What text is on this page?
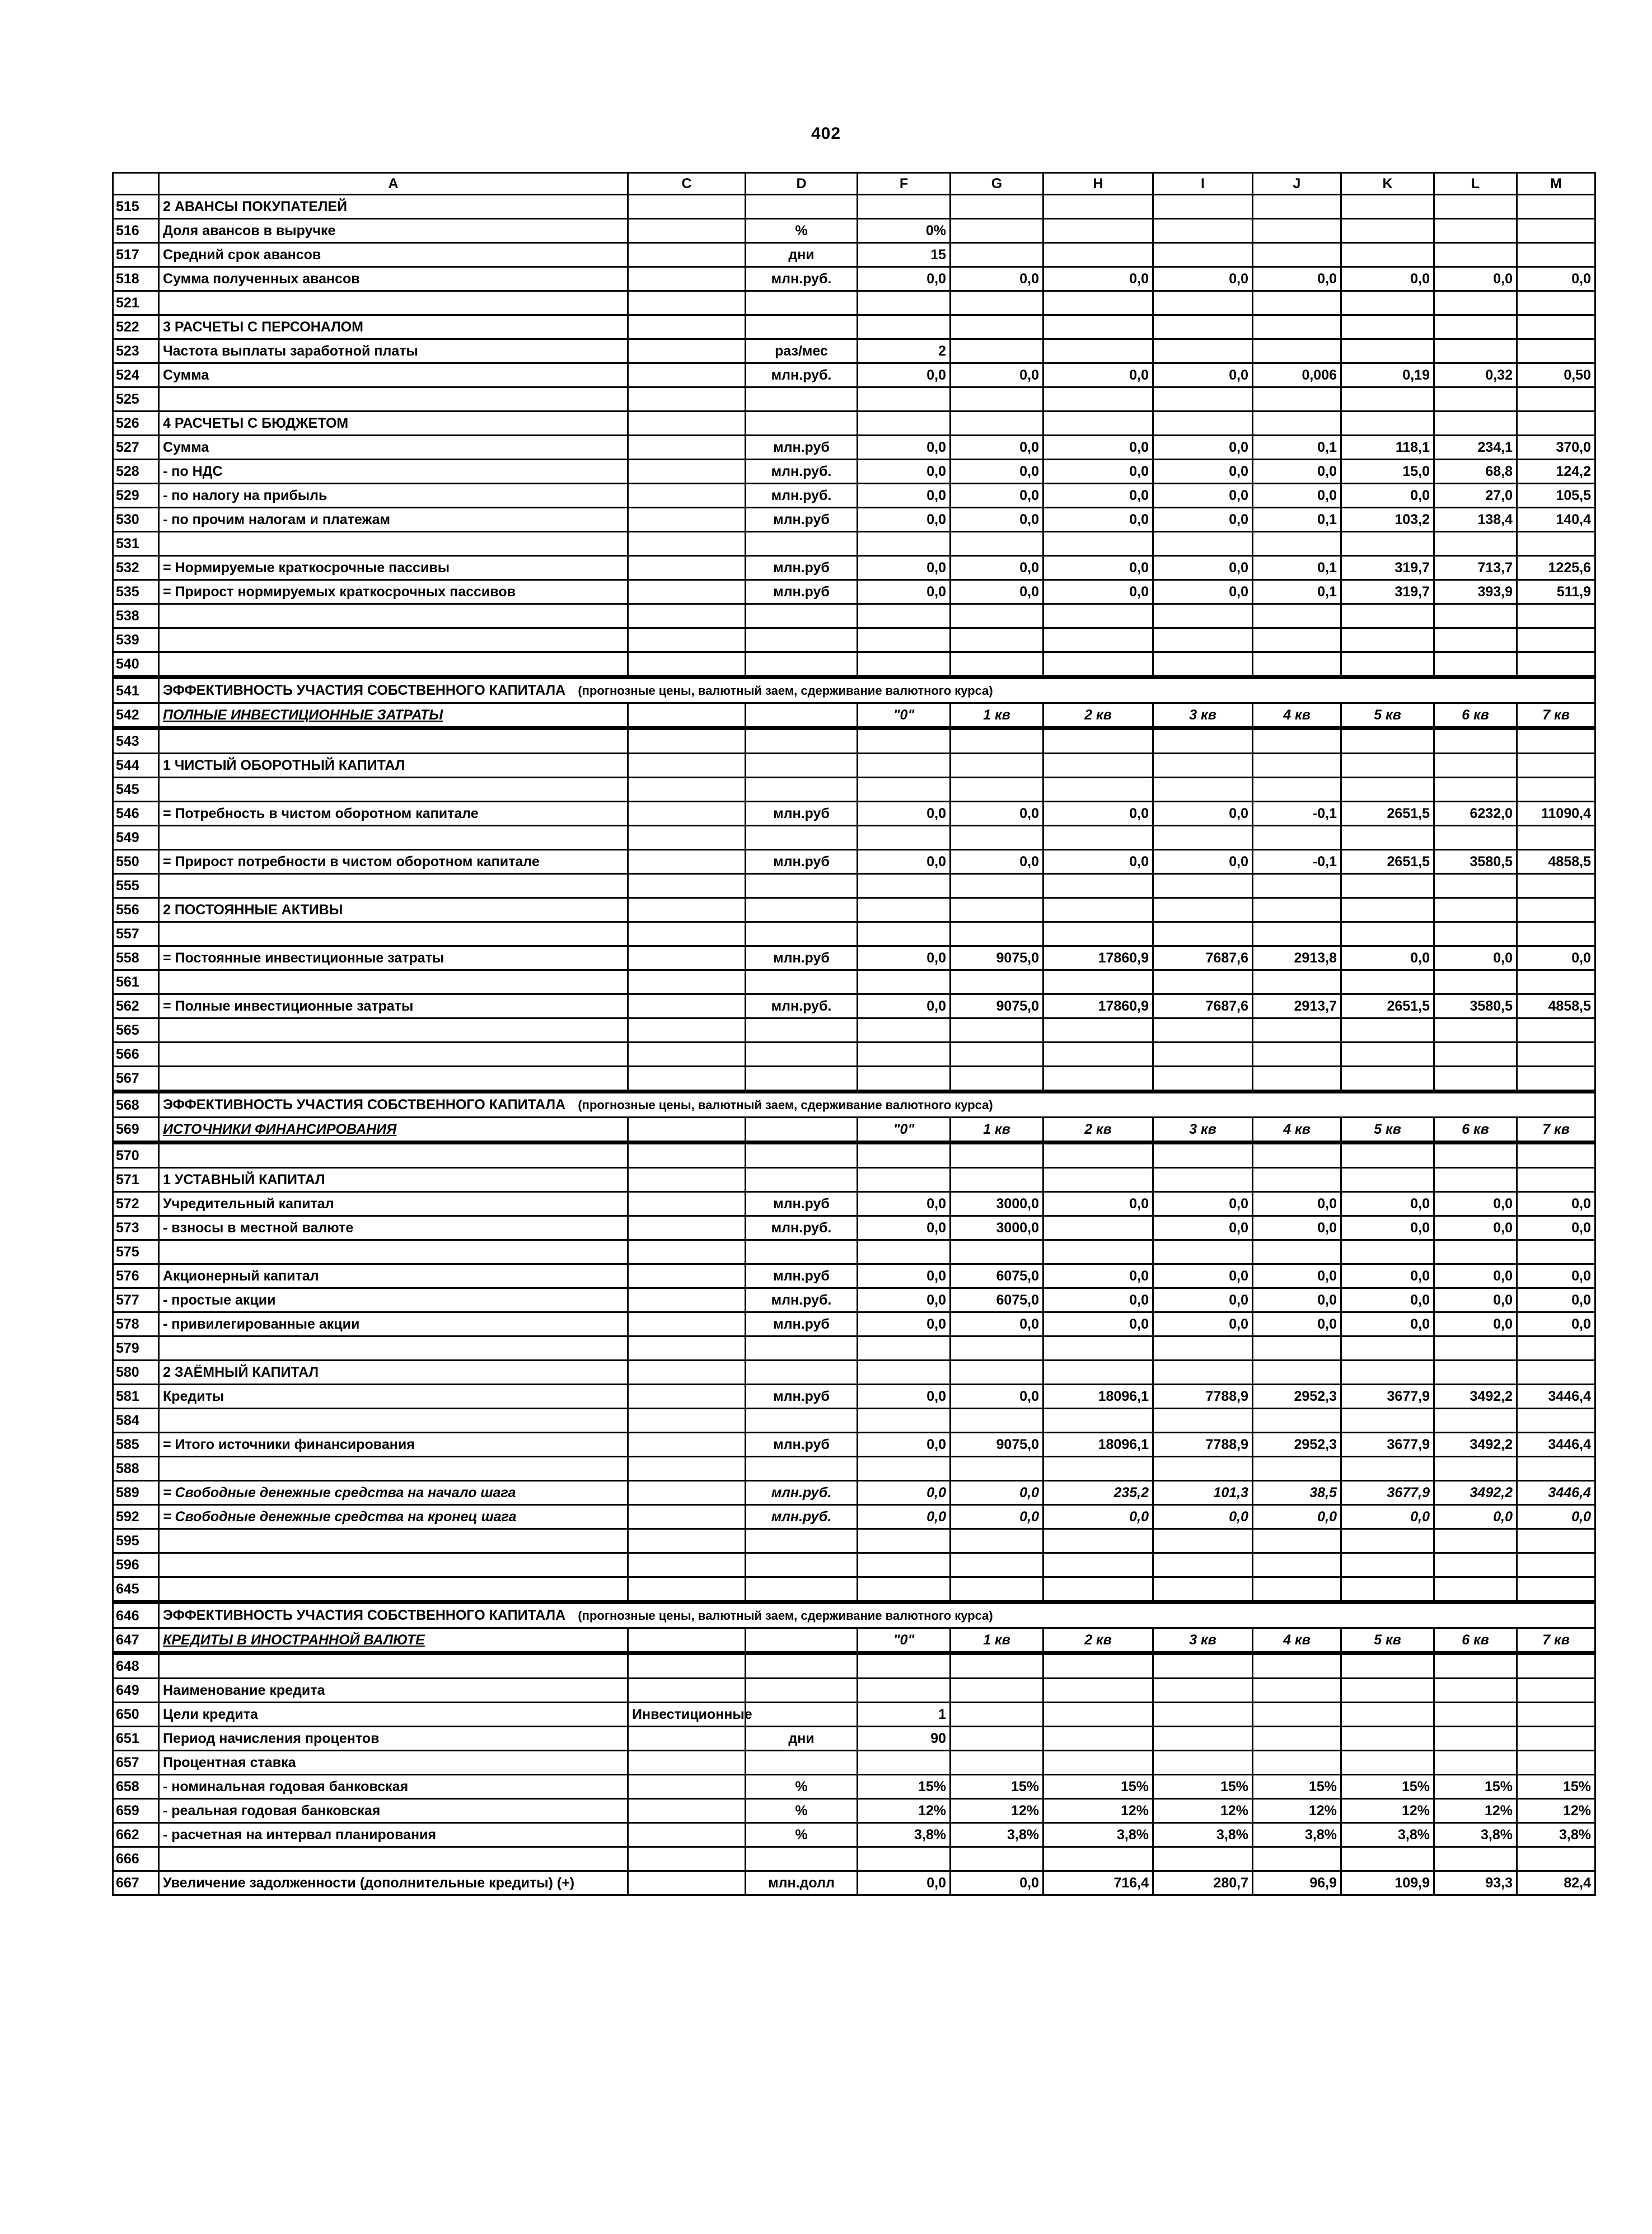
402
	A	C	D	F	G	H	I	J	K	L	M
515	2 АВАНСЫ ПОКУПАТЕЛЕЙ										
516	Доля авансов в выручке		%	0%							
517	Средний срок авансов		дни	15							
518	Сумма полученных авансов		млн.руб.	0,0	0,0	0,0	0,0	0,0	0,0	0,0	0,0
521											
522	3 РАСЧЕТЫ С ПЕРСОНАЛОМ										
523	Частота выплаты заработной платы		раз/мес	2							
524	Сумма		млн.руб.	0,0	0,0	0,0	0,0	0,006	0,19	0,32	0,50
525											
526	4 РАСЧЕТЫ С БЮДЖЕТОМ										
527	Сумма		млн.руб	0,0	0,0	0,0	0,0	0,1	118,1	234,1	370,0
528	- по НДС		млн.руб.	0,0	0,0	0,0	0,0	0,0	15,0	68,8	124,2
529	- по налогу на прибыль		млн.руб.	0,0	0,0	0,0	0,0	0,0	0,0	27,0	105,5
530	- по прочим налогам и платежам		млн.руб	0,0	0,0	0,0	0,0	0,1	103,2	138,4	140,4
531											
532	= Нормируемые краткосрочные пассивы		млн.руб	0,0	0,0	0,0	0,0	0,1	319,7	713,7	1225,6
535	= Прирост нормируемых краткосрочных пассивов		млн.руб	0,0	0,0	0,0	0,0	0,1	319,7	393,9	511,9
538											
539											
540											
541	ЭФФЕКТИВНОСТЬ УЧАСТИЯ СОБСТВЕННОГО КАПИТАЛА (прогнозные цены, валютный заем, сдерживание валютного курса)										
542	ПОЛНЫЕ ИНВЕСТИЦИОННЫЕ ЗАТРАТЫ			"0"	1 кв	2 кв	3 кв	4 кв	5 кв	6 кв	7 кв
543											
544	1 ЧИСТЫЙ ОБОРОТНЫЙ КАПИТАЛ										
545											
546	= Потребность в чистом оборотном капитале		млн.руб	0,0	0,0	0,0	0,0	-0,1	2651,5	6232,0	11090,4
549											
550	= Прирост потребности в чистом оборотном капитале		млн.руб	0,0	0,0	0,0	0,0	-0,1	2651,5	3580,5	4858,5
555											
556	2 ПОСТОЯННЫЕ АКТИВЫ										
557											
558	= Постоянные инвестиционные затраты		млн.руб	0,0	9075,0	17860,9	7687,6	2913,8	0,0	0,0	0,0
561											
562	= Полные инвестиционные затраты		млн.руб.	0,0	9075,0	17860,9	7687,6	2913,7	2651,5	3580,5	4858,5
565											
566											
567											
568	ЭФФЕКТИВНОСТЬ УЧАСТИЯ СОБСТВЕННОГО КАПИТАЛА (прогнозные цены, валютный заем, сдерживание валютного курса)										
569	ИСТОЧНИКИ ФИНАНСИРОВАНИЯ			"0"	1 кв	2 кв	3 кв	4 кв	5 кв	6 кв	7 кв
570											
571	1 УСТАВНЫЙ КАПИТАЛ										
572	Учредительный капитал		млн.руб	0,0	3000,0	0,0	0,0	0,0	0,0	0,0	0,0
573	- взносы в местной валюте		млн.руб.	0,0	3000,0		0,0	0,0	0,0	0,0	0,0
575											
576	Акционерный капитал		млн.руб	0,0	6075,0	0,0	0,0	0,0	0,0	0,0	0,0
577	- простые акции		млн.руб.	0,0	6075,0	0,0	0,0	0,0	0,0	0,0	0,0
578	- привилегированные акции		млн.руб	0,0	0,0	0,0	0,0	0,0	0,0	0,0	0,0
579											
580	2 ЗАЁМНЫЙ КАПИТАЛ										
581	Кредиты		млн.руб	0,0	0,0	18096,1	7788,9	2952,3	3677,9	3492,2	3446,4
584											
585	= Итого источники финансирования		млн.руб	0,0	9075,0	18096,1	7788,9	2952,3	3677,9	3492,2	3446,4
588											
589	= Свободные денежные средства на начало шага		млн.руб.	0,0	0,0	235,2	101,3	38,5	3677,9	3492,2	3446,4
592	= Свободные денежные средства на кронец шага		млн.руб.	0,0	0,0	0,0	0,0	0,0	0,0	0,0	0,0
595											
596											
645											
646	ЭФФЕКТИВНОСТЬ УЧАСТИЯ СОБСТВЕННОГО КАПИТАЛА (прогнозные цены, валютный заем, сдерживание валютного курса)										
647	КРЕДИТЫ В ИНОСТРАННОЙ ВАЛЮТЕ			"0"	1 кв	2 кв	3 кв	4 кв	5 кв	6 кв	7 кв
648											
649	Наименование кредита										
650	Цели кредита	Инвестиционные		1							
651	Период начисления процентов		дни	90							
657	Процентная ставка										
658	- номинальная годовая банковская		%	15%	15%	15%	15%	15%	15%	15%	15%
659	- реальная годовая банковская		%	12%	12%	12%	12%	12%	12%	12%	12%
662	- расчетная на интервал планирования		%	3,8%	3,8%	3,8%	3,8%	3,8%	3,8%	3,8%	3,8%
666											
667	Увеличение задолженности (дополнительные кредиты) (+)		млн.долл	0,0	0,0	716,4	280,7	96,9	109,9	93,3	82,4
